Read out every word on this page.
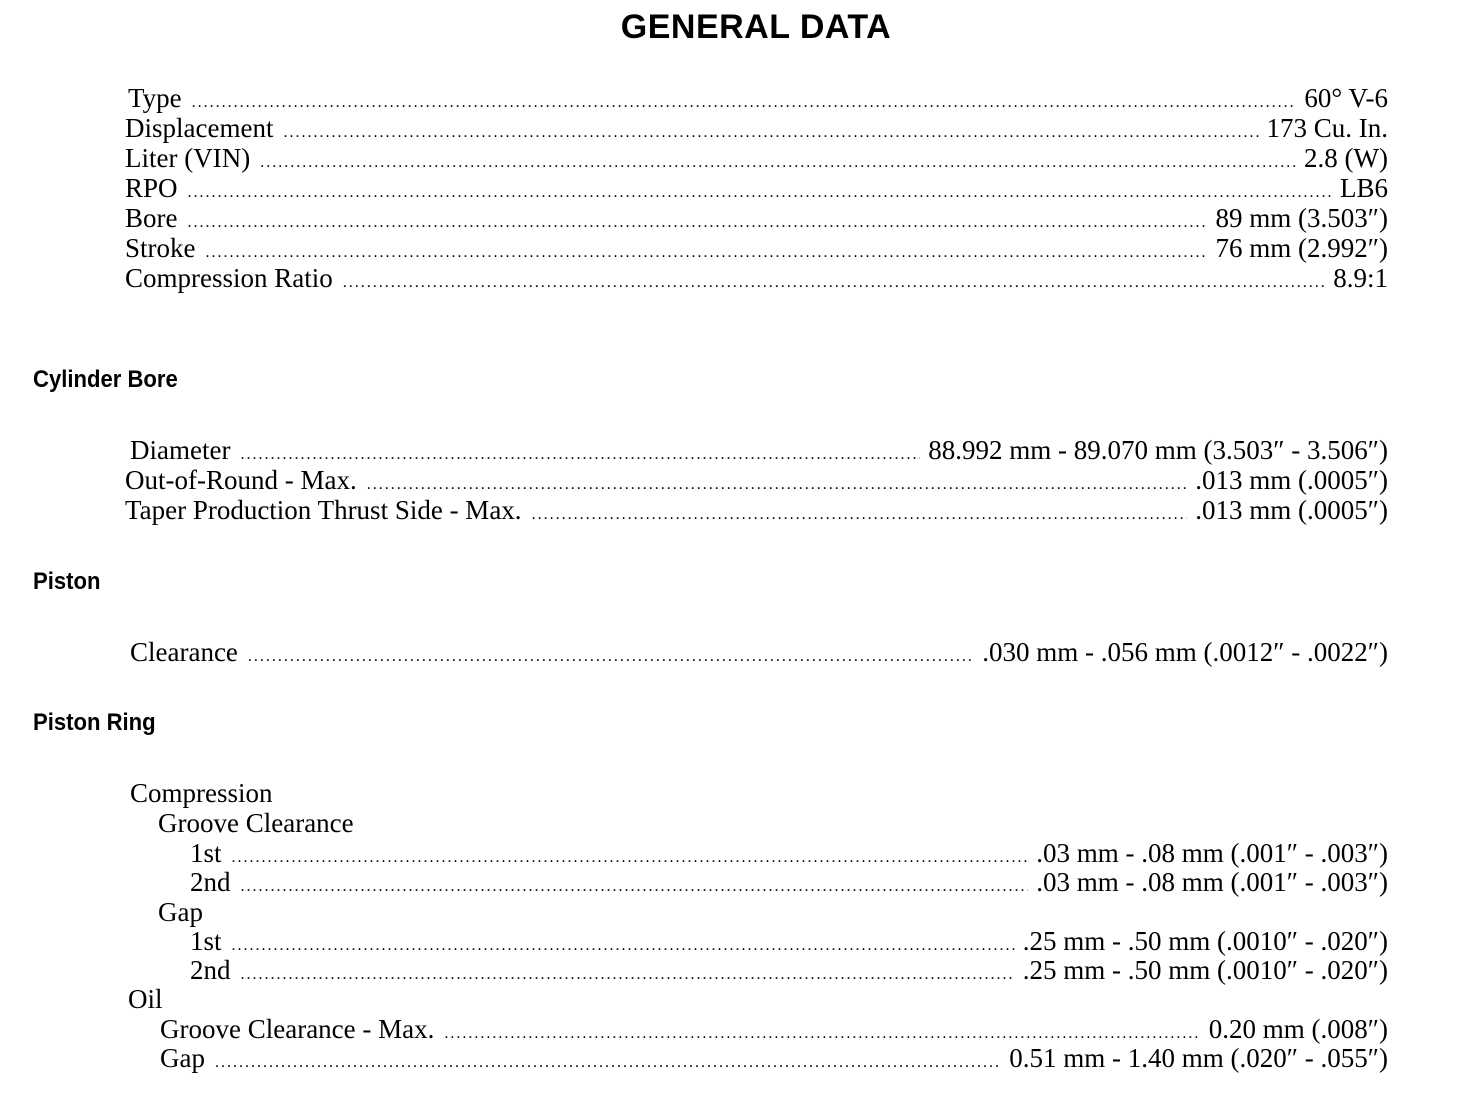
GENERAL DATA
Type .....	60° V-6
Displacement .....	173 Cu. In.
Liter (VIN) .....	2.8 (W)
RPO .....	LB6
Bore .....	89 mm (3.503″)
Stroke .....	76 mm (2.992″)
Compression Ratio .....	8.9:1
Cylinder Bore
Diameter .....	88.992 mm - 89.070 mm (3.503″ - 3.506″)
Out-of-Round - Max. .....	.013 mm (.0005″)
Taper Production Thrust Side - Max. .....	.013 mm (.0005″)
Piston
Clearance .....	.030 mm - .056 mm (.0012″ - .0022″)
Piston Ring
Compression
Groove Clearance
1st .....	.03 mm - .08 mm (.001″ - .003″)
2nd .....	.03 mm - .08 mm (.001″ - .003″)
Gap
1st .....	.25 mm - .50 mm (.0010″ - .020″)
2nd .....	.25 mm - .50 mm (.0010″ - .020″)
Oil
Groove Clearance - Max. .....	0.20 mm (.008″)
Gap .....	0.51 mm - 1.40 mm (.020″ - .055″)
